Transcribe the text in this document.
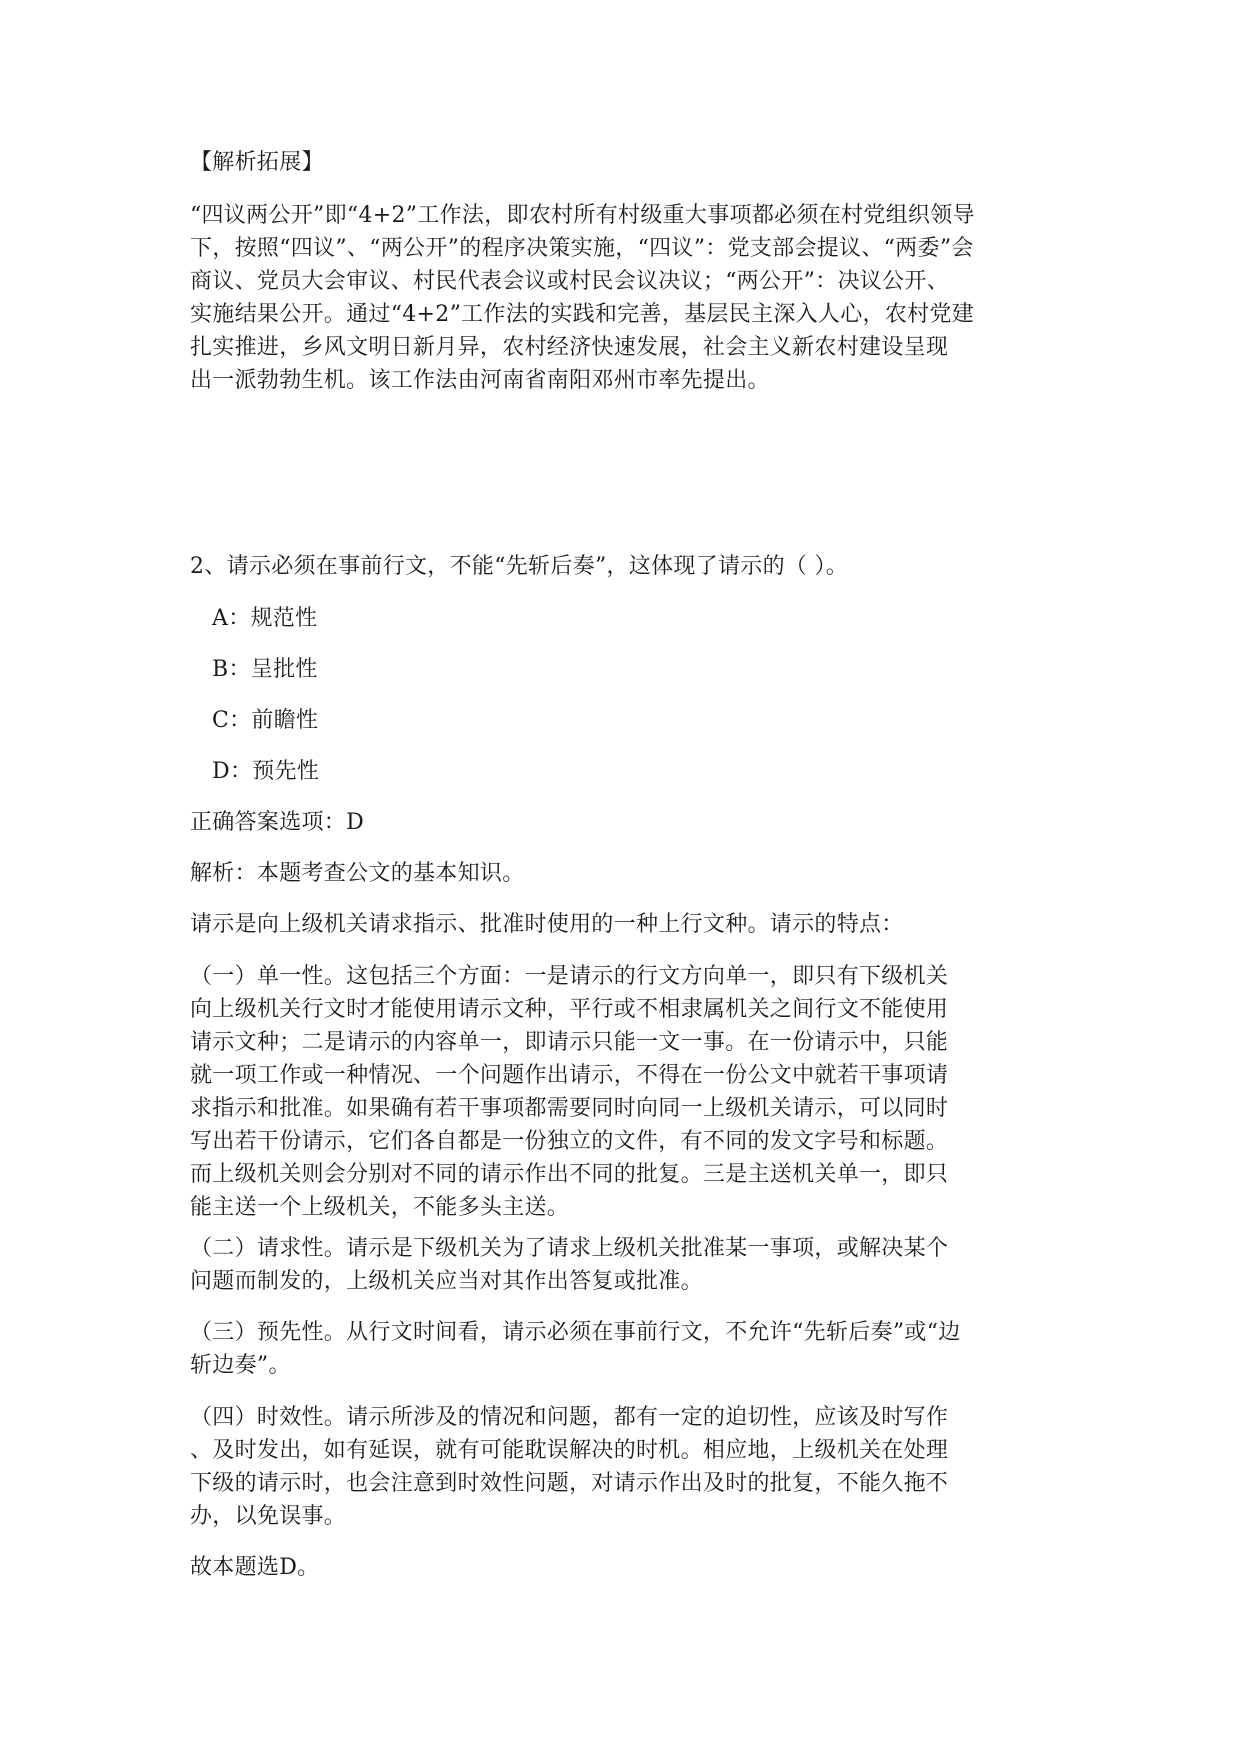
【解析拓展】

“四议两公开”即“4+2”工作法，即农村所有村级重大事项都必须在村党组织领导

下，按照“四议”、“两公开”的程序决策实施，“四议”：党支部会提议、“两委”会

商议、党员大会审议、村民代表会议或村民会议决议；“两公开”：决议公开、

实施结果公开。通过“4+2”工作法的实践和完善，基层民主深入人心，农村党建

扎实推进，乡风文明日新月异，农村经济快速发展，社会主义新农村建设呈现

出一派勃勃生机。该工作法由河南省南阳邓州市率先提出。

2、请示必须在事前行文，不能“先斩后奏”，这体现了请示的（ ）。

A：规范性

B：呈批性

C：前瞻性

D：预先性

正确答案选项：D

解析：本题考查公文的基本知识。

请示是向上级机关请求指示、批准时使用的一种上行文种。请示的特点：

（一）单一性。这包括三个方面：一是请示的行文方向单一，即只有下级机关

向上级机关行文时才能使用请示文种，平行或不相隶属机关之间行文不能使用

请示文种；二是请示的内容单一，即请示只能一文一事。在一份请示中，只能

就一项工作或一种情况、一个问题作出请示，不得在一份公文中就若干事项请

求指示和批准。如果确有若干事项都需要同时向同一上级机关请示，可以同时

写出若干份请示，它们各自都是一份独立的文件，有不同的发文字号和标题。

而上级机关则会分别对不同的请示作出不同的批复。三是主送机关单一，即只

能主送一个上级机关，不能多头主送。

（二）请求性。请示是下级机关为了请求上级机关批准某一事项，或解决某个

问题而制发的，上级机关应当对其作出答复或批准。

（三）预先性。从行文时间看，请示必须在事前行文，不允许“先斩后奏”或“边

斩边奏”。

（四）时效性。请示所涉及的情况和问题，都有一定的迫切性，应该及时写作

、及时发出，如有延误，就有可能耽误解决的时机。相应地，上级机关在处理

下级的请示时，也会注意到时效性问题，对请示作出及时的批复，不能久拖不

办，以免误事。

故本题选D。
